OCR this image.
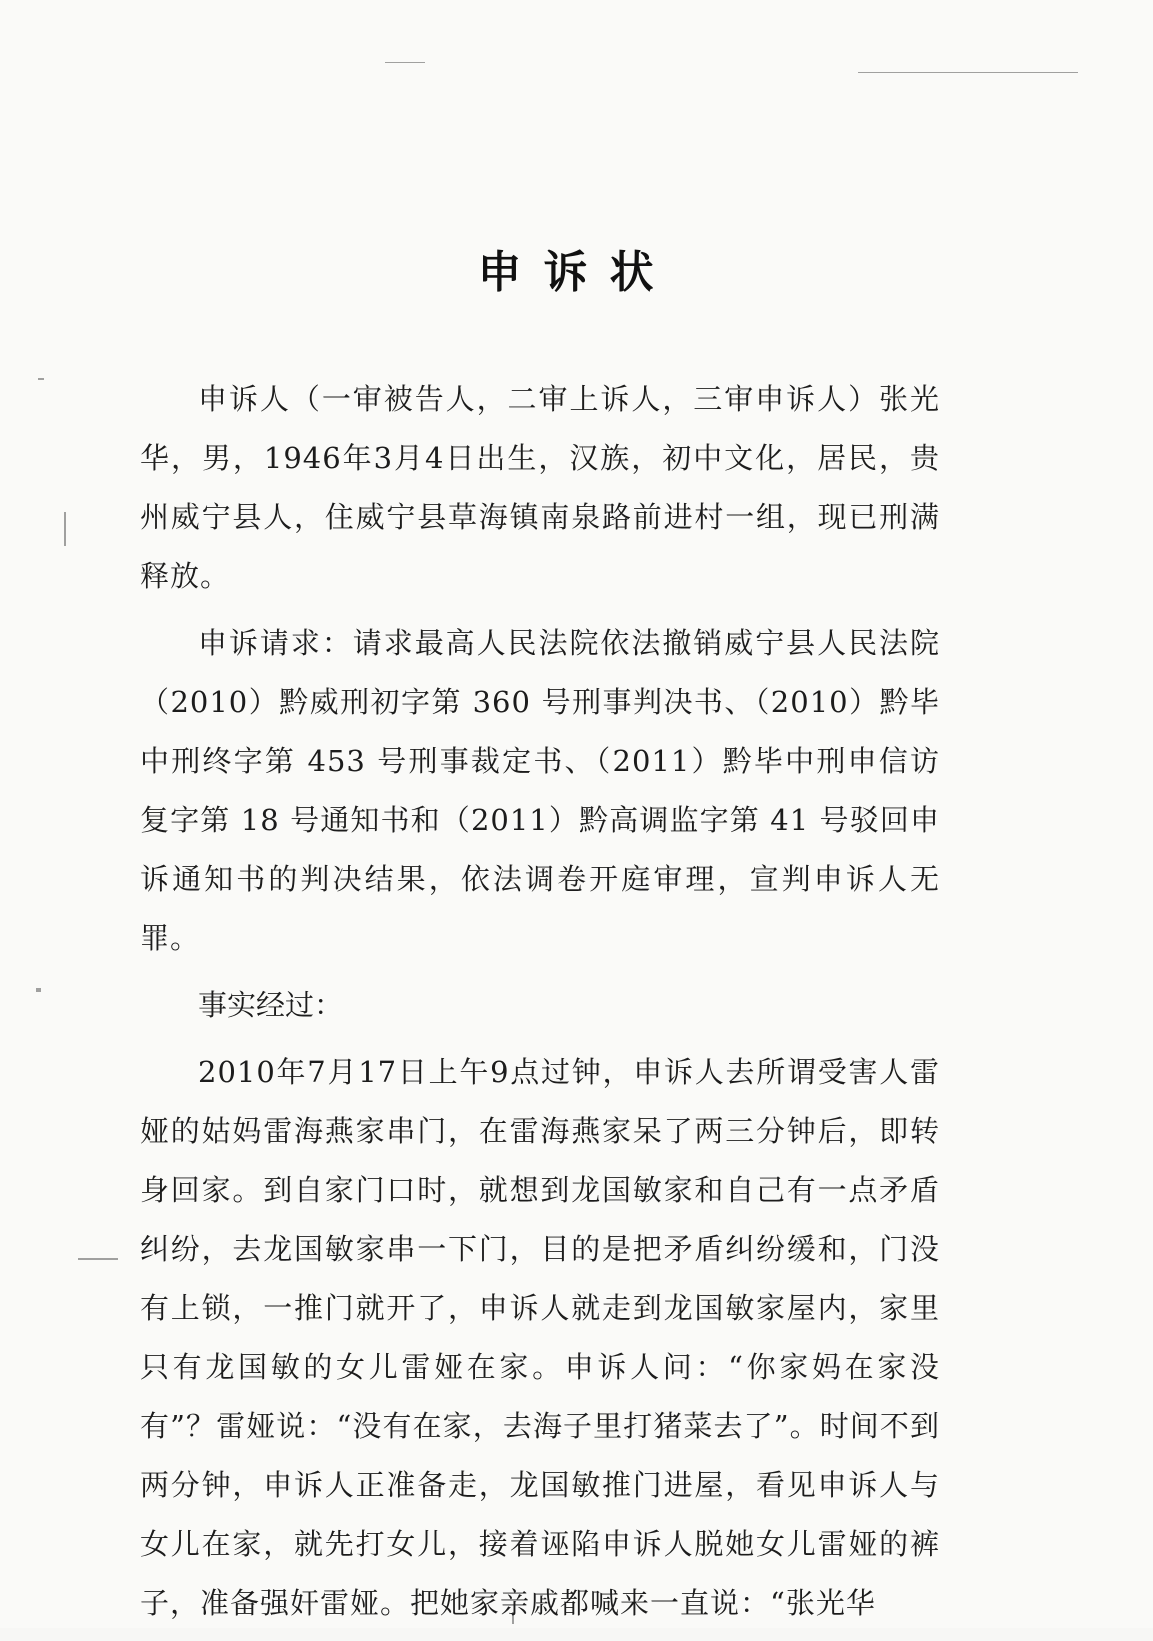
申诉状

申诉人（一审被告人，二审上诉人，三审申诉人）张光华，男，1946年3月4日出生，汉族，初中文化，居民，贵州威宁县人，住威宁县草海镇南泉路前进村一组，现已刑满释放。

申诉请求：请求最高人民法院依法撤销威宁县人民法院（2010）黔威刑初字第 360 号刑事判决书、（2010）黔毕中刑终字第 453 号刑事裁定书、（2011）黔毕中刑申信访复字第 18 号通知书和（2011）黔高调监字第 41 号驳回申诉通知书的判决结果，依法调卷开庭审理，宣判申诉人无罪。

事实经过：

2010年7月17日上午9点过钟，申诉人去所谓受害人雷娅的姑妈雷海燕家串门，在雷海燕家呆了两三分钟后，即转身回家。到自家门口时，就想到龙国敏家和自己有一点矛盾纠纷，去龙国敏家串一下门，目的是把矛盾纠纷缓和，门没有上锁，一推门就开了，申诉人就走到龙国敏家屋内，家里只有龙国敏的女儿雷娅在家。申诉人问：“你家妈在家没有”？雷娅说：“没有在家，去海子里打猪菜去了”。时间不到两分钟，申诉人正准备走，龙国敏推门进屋，看见申诉人与女儿在家，就先打女儿，接着诬陷申诉人脱她女儿雷娅的裤子，准备强奸雷娅。把她家亲戚都喊来一直说：“张光华
